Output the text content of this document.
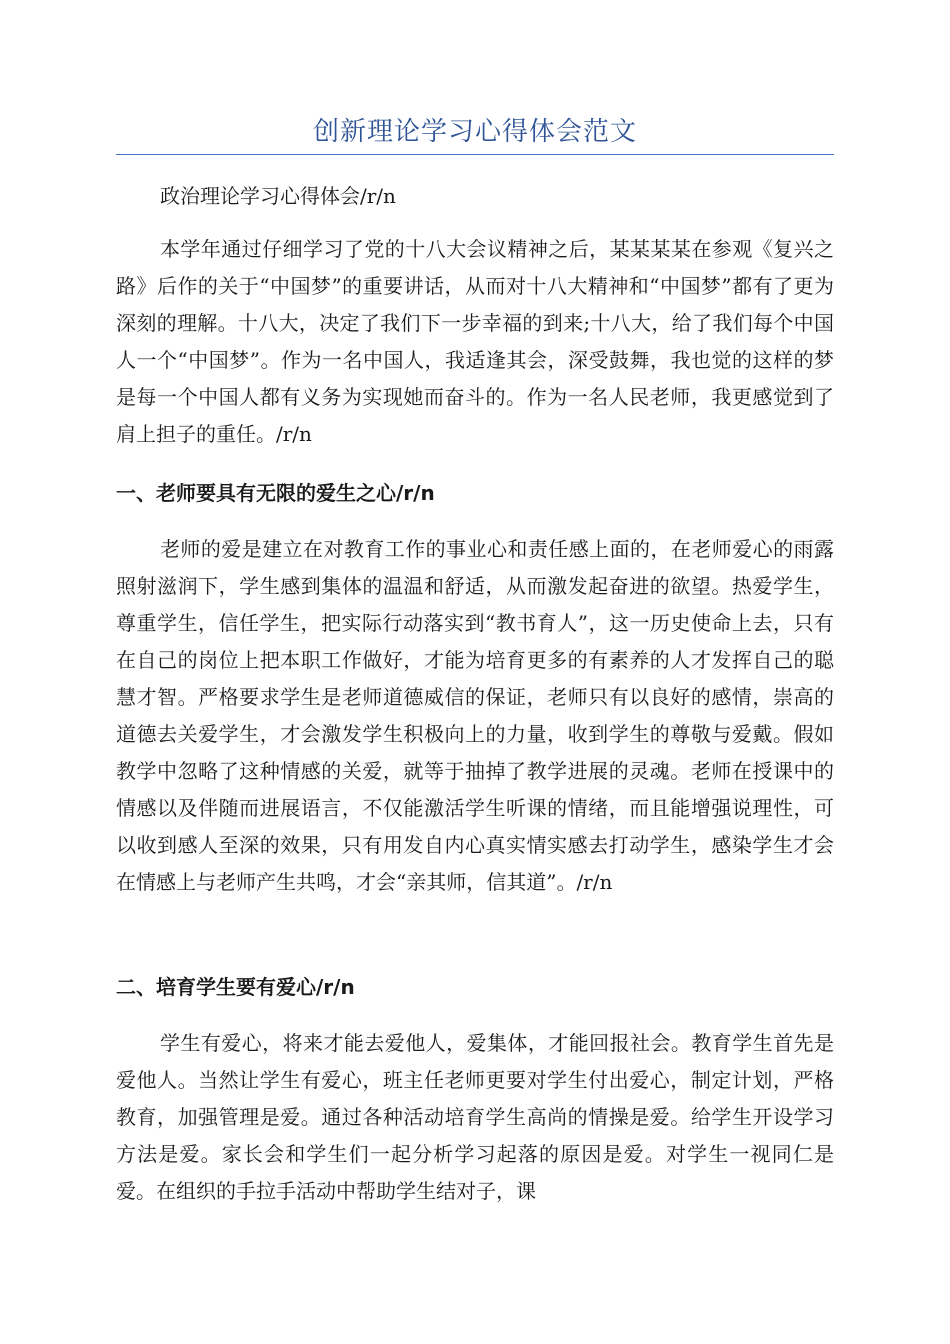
创新理论学习心得体会范文

政治理论学习心得体会/r/n

本学年通过仔细学习了党的十八大会议精神之后，某某某某在参观《复兴之路》后作的关于“中国梦”的重要讲话，从而对十八大精神和“中国梦”都有了更为深刻的理解。十八大，决定了我们下一步幸福的到来;十八大，给了我们每个中国人一个“中国梦”。作为一名中国人，我适逢其会，深受鼓舞，我也觉的这样的梦是每一个中国人都有义务为实现她而奋斗的。作为一名人民老师，我更感觉到了肩上担子的重任。/r/n

一、老师要具有无限的爱生之心/r/n

老师的爱是建立在对教育工作的事业心和责任感上面的，在老师爱心的雨露照射滋润下，学生感到集体的温温和舒适，从而激发起奋进的欲望。热爱学生，尊重学生，信任学生，把实际行动落实到“教书育人”，这一历史使命上去，只有在自己的岗位上把本职工作做好，才能为培育更多的有素养的人才发挥自己的聪慧才智。严格要求学生是老师道德威信的保证，老师只有以良好的感情，崇高的道德去关爱学生，才会激发学生积极向上的力量，收到学生的尊敬与爱戴。假如教学中忽略了这种情感的关爱，就等于抽掉了教学进展的灵魂。老师在授课中的情感以及伴随而进展语言，不仅能激活学生听课的情绪，而且能增强说理性，可以收到感人至深的效果，只有用发自内心真实情实感去打动学生，感染学生才会在情感上与老师产生共鸣，才会“亲其师，信其道”。/r/n

二、培育学生要有爱心/r/n

学生有爱心，将来才能去爱他人，爱集体，才能回报社会。教育学生首先是爱他人。当然让学生有爱心，班主任老师更要对学生付出爱心，制定计划，严格教育，加强管理是爱。通过各种活动培育学生高尚的情操是爱。给学生开设学习方法是爱。家长会和学生们一起分析学习起落的原因是爱。对学生一视同仁是爱。在组织的手拉手活动中帮助学生结对子，课
